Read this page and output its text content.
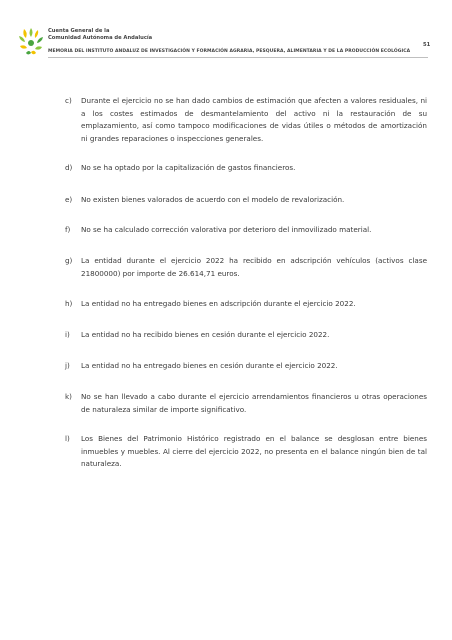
Cuenta General de la
Comunidad Autónoma de Andalucía
51
MEMORIA DEL INSTITUTO ANDALUZ DE INVESTIGACIÓN Y FORMACIÓN AGRARIA, PESQUERA, ALIMENTARIA Y DE LA PRODUCCIÓN ECOLÓGICA
c) Durante el ejercicio no se han dado cambios de estimación que afecten a valores residuales, ni a los costes estimados de desmantelamiento del activo ni la restauración de su emplazamiento, así como tampoco modificaciones de vidas útiles o métodos de amortización ni grandes reparaciones o inspecciones generales.
d) No se ha optado por la capitalización de gastos financieros.
e) No existen bienes valorados de acuerdo con el modelo de revalorización.
f) No se ha calculado corrección valorativa por deterioro del inmovilizado material.
g) La entidad durante el ejercicio 2022 ha recibido en adscripción vehículos (activos clase 21800000) por importe de 26.614,71 euros.
h) La entidad no ha entregado bienes en adscripción durante el ejercicio 2022.
i) La entidad no ha recibido bienes en cesión durante el ejercicio 2022.
j) La entidad no ha entregado bienes en cesión durante el ejercicio 2022.
k) No se han llevado a cabo durante el ejercicio arrendamientos financieros u otras operaciones de naturaleza similar de importe significativo.
l) Los Bienes del Patrimonio Histórico registrado en el balance se desglosan entre bienes inmuebles y muebles. Al cierre del ejercicio 2022, no presenta en el balance ningún bien de tal naturaleza.
